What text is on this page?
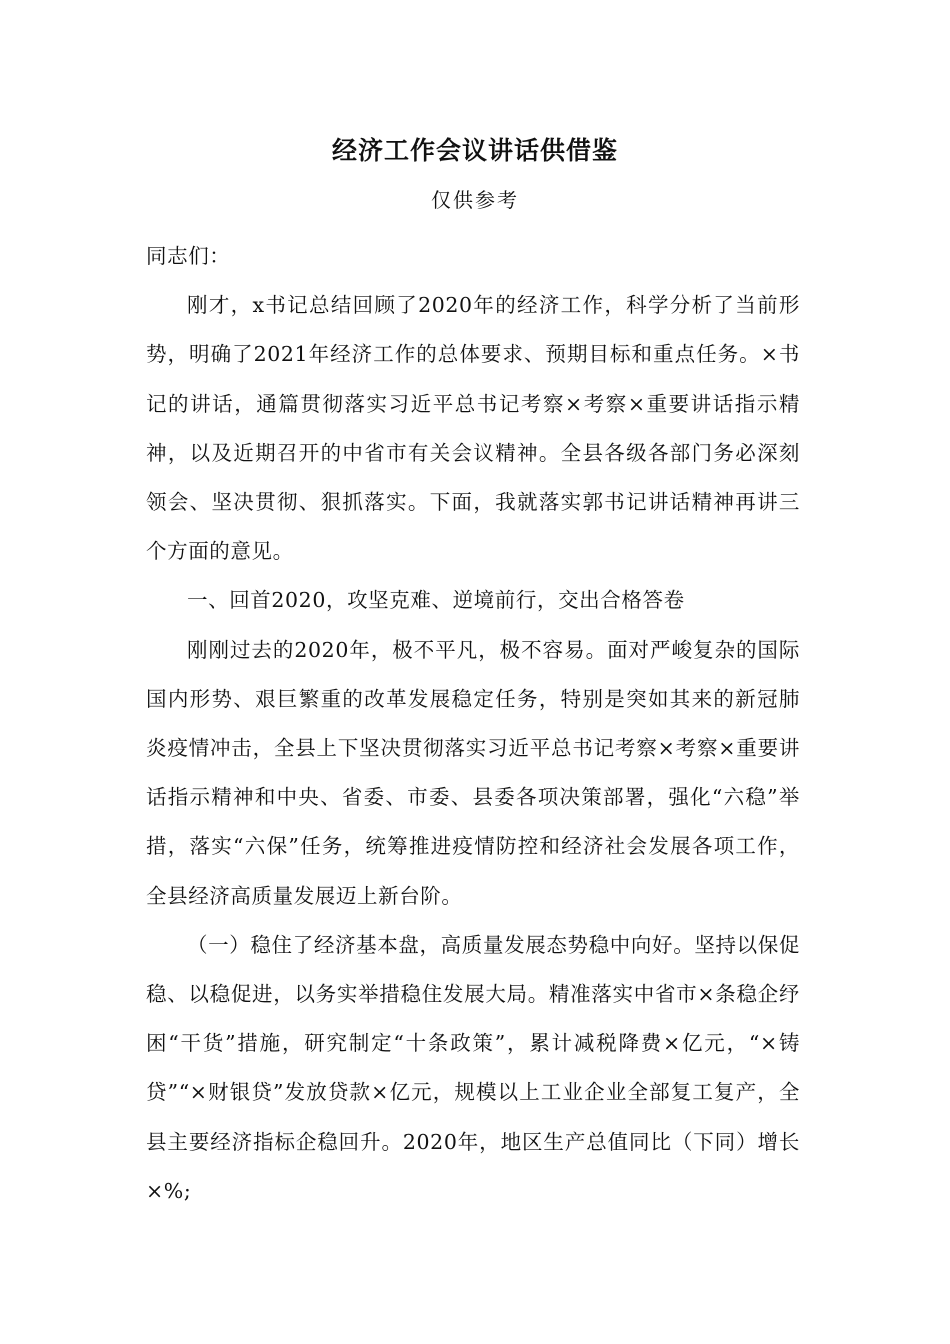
经济工作会议讲话供借鉴
仅供参考

同志们：

刚才，x书记总结回顾了2020年的经济工作，科学分析了当前形势，明确了2021年经济工作的总体要求、预期目标和重点任务。×书记的讲话，通篇贯彻落实习近平总书记考察×考察×重要讲话指示精神，以及近期召开的中省市有关会议精神。全县各级各部门务必深刻领会、坚决贯彻、狠抓落实。下面，我就落实郭书记讲话精神再讲三个方面的意见。

一、回首2020，攻坚克难、逆境前行，交出合格答卷

刚刚过去的2020年，极不平凡，极不容易。面对严峻复杂的国际国内形势、艰巨繁重的改革发展稳定任务，特别是突如其来的新冠肺炎疫情冲击，全县上下坚决贯彻落实习近平总书记考察×考察×重要讲话指示精神和中央、省委、市委、县委各项决策部署，强化“六稳”举措，落实“六保”任务，统筹推进疫情防控和经济社会发展各项工作，全县经济高质量发展迈上新台阶。

（一）稳住了经济基本盘，高质量发展态势稳中向好。坚持以保促稳、以稳促进，以务实举措稳住发展大局。精准落实中省市×条稳企纾困“干货”措施，研究制定“十条政策”，累计减税降费×亿元，“×铸贷”“×财银贷”发放贷款×亿元，规模以上工业企业全部复工复产，全县主要经济指标企稳回升。2020年，地区生产总值同比（下同）增长×%;
